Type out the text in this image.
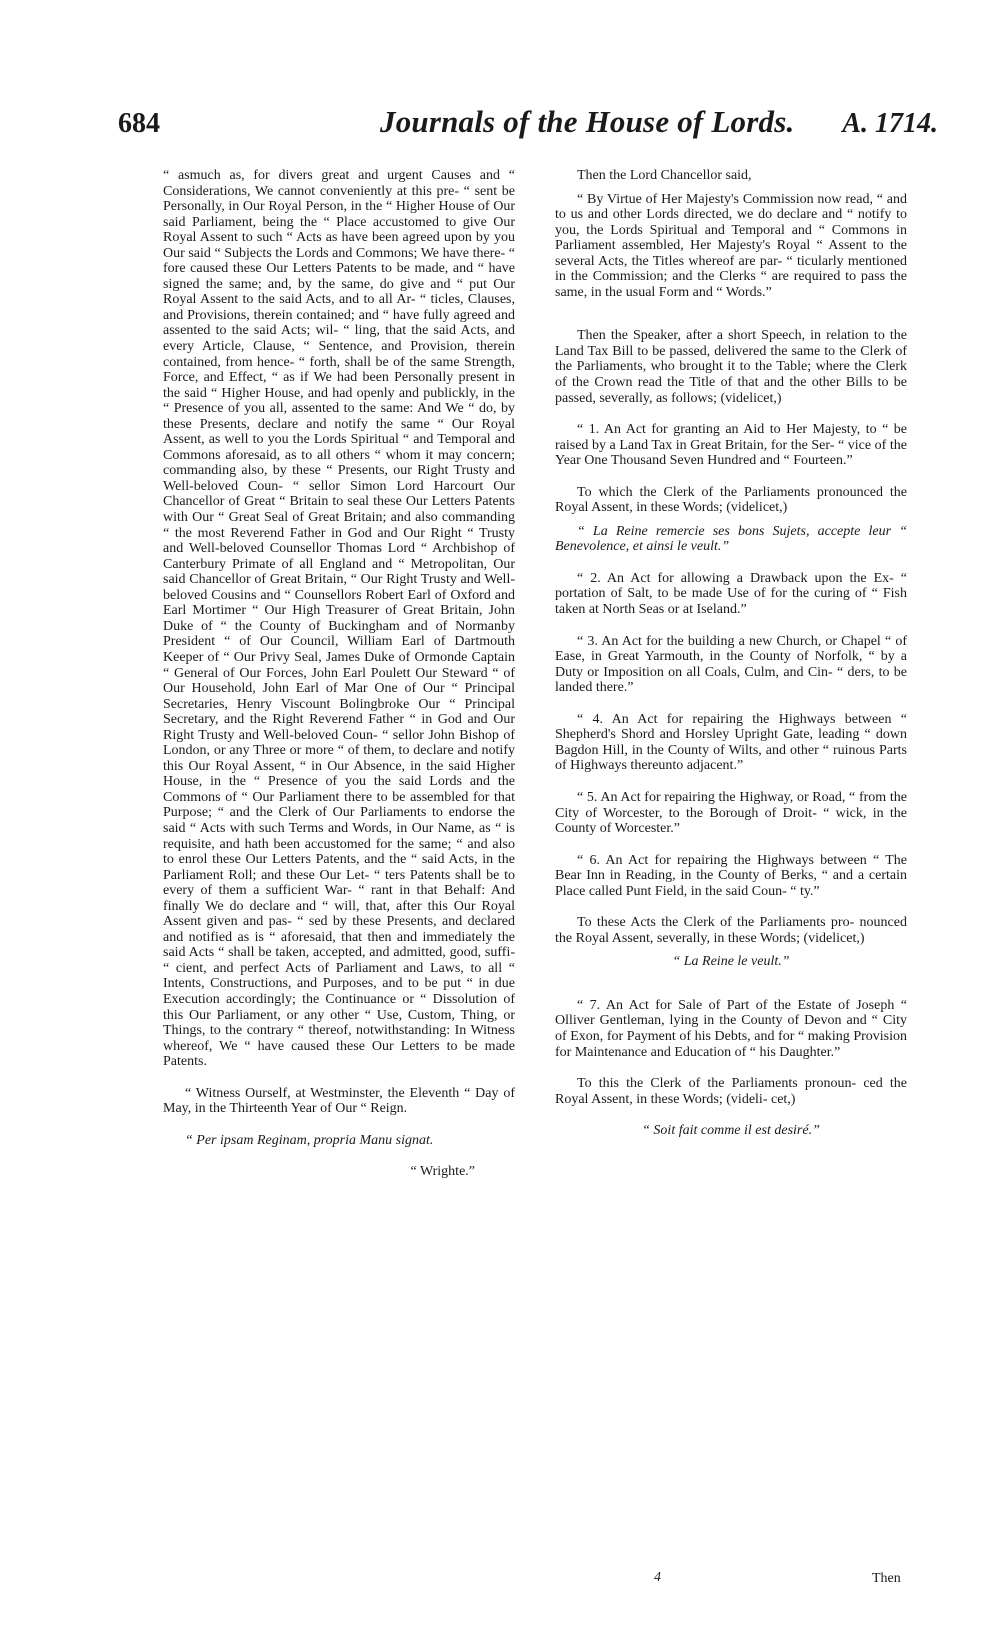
684	Journals of the House of Lords. A. 1714.

“ asmuch as, for divers great and urgent Causes and “ Considerations, We cannot conveniently at this pre- “ sent be Personally, in Our Royal Person, in the “ Higher House of Our said Parliament, being the “ Place accustomed to give Our Royal Assent to such “ Acts as have been agreed upon by you Our said “ Subjects the Lords and Commons; We have there- “ fore caused these Our Letters Patents to be made, and “ have signed the same; and, by the same, do give and “ put Our Royal Assent to the said Acts, and to all Ar- “ ticles, Clauses, and Provisions, therein contained; and “ have fully agreed and assented to the said Acts; wil- “ ling, that the said Acts, and every Article, Clause, “ Sentence, and Provision, therein contained, from hence- “ forth, shall be of the same Strength, Force, and Effect, “ as if We had been Personally present in the said “ Higher House, and had openly and publickly, in the “ Presence of you all, assented to the same: And We “ do, by these Presents, declare and notify the same “ Our Royal Assent, as well to you the Lords Spiritual “ and Temporal and Commons aforesaid, as to all others “ whom it may concern; commanding also, by these “ Presents, our Right Trusty and Well-beloved Coun- “ sellor Simon Lord Harcourt Our Chancellor of Great “ Britain to seal these Our Letters Patents with Our “ Great Seal of Great Britain; and also commanding “ the most Reverend Father in God and Our Right “ Trusty and Well-beloved Counsellor Thomas Lord “ Archbishop of Canterbury Primate of all England and “ Metropolitan, Our said Chancellor of Great Britain, “ Our Right Trusty and Well-beloved Cousins and “ Counsellors Robert Earl of Oxford and Earl Mortimer “ Our High Treasurer of Great Britain, John Duke of “ the County of Buckingham and of Normanby President “ of Our Council, William Earl of Dartmouth Keeper of “ Our Privy Seal, James Duke of Ormonde Captain “ General of Our Forces, John Earl Poulett Our Steward “ of Our Household, John Earl of Mar One of Our “ Principal Secretaries, Henry Viscount Bolingbroke Our “ Principal Secretary, and the Right Reverend Father “ in God and Our Right Trusty and Well-beloved Coun- “ sellor John Bishop of London, or any Three or more “ of them, to declare and notify this Our Royal Assent, “ in Our Absence, in the said Higher House, in the “ Presence of you the said Lords and the Commons of “ Our Parliament there to be assembled for that Purpose; “ and the Clerk of Our Parliaments to endorse the said “ Acts with such Terms and Words, in Our Name, as “ is requisite, and hath been accustomed for the same; “ and also to enrol these Our Letters Patents, and the “ said Acts, in the Parliament Roll; and these Our Let- “ ters Patents shall be to every of them a sufficient War- “ rant in that Behalf: And finally We do declare and “ will, that, after this Our Royal Assent given and pas- “ sed by these Presents, and declared and notified as is “ aforesaid, that then and immediately the said Acts “ shall be taken, accepted, and admitted, good, suffi- “ cient, and perfect Acts of Parliament and Laws, to all “ Intents, Constructions, and Purposes, and to be put “ in due Execution accordingly; the Continuance or “ Dissolution of this Our Parliament, or any other “ Use, Custom, Thing, or Things, to the contrary “ thereof, notwithstanding: In Witness whereof, We “ have caused these Our Letters to be made Patents.

“ Witness Ourself, at Westminster, the Eleventh “ Day of May, in the Thirteenth Year of Our “ Reign.

“ Per ipsam Reginam, propria Manu signat.

“ Wrighte.”

Then the Lord Chancellor said,

“ By Virtue of Her Majesty's Commission now read, “ and to us and other Lords directed, we do declare and “ notify to you, the Lords Spiritual and Temporal and “ Commons in Parliament assembled, Her Majesty's Royal “ Assent to the several Acts, the Titles whereof are par- “ ticularly mentioned in the Commission; and the Clerks “ are required to pass the same, in the usual Form and “ Words.”

Then the Speaker, after a short Speech, in relation to the Land Tax Bill to be passed, delivered the same to the Clerk of the Parliaments, who brought it to the Table; where the Clerk of the Crown read the Title of that and the other Bills to be passed, severally, as follows; (videlicet,)

“ 1. An Act for granting an Aid to Her Majesty, to “ be raised by a Land Tax in Great Britain, for the Ser- “ vice of the Year One Thousand Seven Hundred and “ Fourteen.”

To which the Clerk of the Parliaments pronounced the Royal Assent, in these Words; (videlicet,)

“ La Reine remercie ses bons Sujets, accepte leur “ Benevolence, et ainsi le veult.”

“ 2. An Act for allowing a Drawback upon the Ex- “ portation of Salt, to be made Use of for the curing of “ Fish taken at North Seas or at Iseland.”

“ 3. An Act for the building a new Church, or Chapel “ of Ease, in Great Yarmouth, in the County of Norfolk, “ by a Duty or Imposition on all Coals, Culm, and Cin- “ ders, to be landed there.”

“ 4. An Act for repairing the Highways between “ Shepherd's Shord and Horsley Upright Gate, leading “ down Bagdon Hill, in the County of Wilts, and other “ ruinous Parts of Highways thereunto adjacent.”

“ 5. An Act for repairing the Highway, or Road, “ from the City of Worcester, to the Borough of Droit- “ wick, in the County of Worcester.”

“ 6. An Act for repairing the Highways between “ The Bear Inn in Reading, in the County of Berks, “ and a certain Place called Punt Field, in the said Coun- “ ty.”

To these Acts the Clerk of the Parliaments pro- nounced the Royal Assent, severally, in these Words; (videlicet,)

“ La Reine le veult.”

“ 7. An Act for Sale of Part of the Estate of Joseph “ Olliver Gentleman, lying in the County of Devon and “ City of Exon, for Payment of his Debts, and for “ making Provision for Maintenance and Education of “ his Daughter.”

To this the Clerk of the Parliaments pronoun- ced the Royal Assent, in these Words; (videli- cet,)

“ Soit fait comme il est desiré.”

4	Then
